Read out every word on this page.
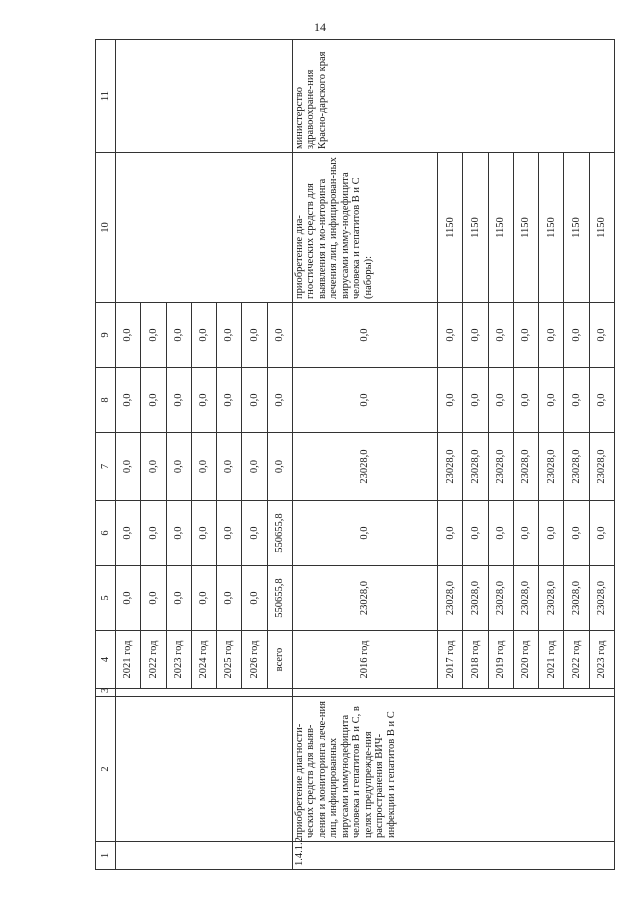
14
1	2	3	4	5	6	7	8	9	10	11
			2021 год	0,0	0,0	0,0	0,0	0,0		
			2022 год	0,0	0,0	0,0	0,0	0,0		
			2023 год	0,0	0,0	0,0	0,0	0,0		
			2024 год	0,0	0,0	0,0	0,0	0,0		
			2025 год	0,0	0,0	0,0	0,0	0,0		
			2026 год	0,0	0,0	0,0	0,0	0,0		
			всего	550655,8	550655,8	0,0	0,0	0,0		
1.4.1.2	приобретение диагности-ческих средств для выяв-ления и мониторинга лече-ния лиц, инфицированных вирусами иммунодефицита человека и гепатитов В и С, в целях предупрежде-ния распространения ВИЧ-инфекции и гепатитов В и С		2016 год	23028,0	0,0	23028,0	0,0	0,0	приобретение диа-гностических средств для выявления и мо-ниторинга лечения лиц, инфицирован-ных вирусами имму-нодефицита человека и гепатитов В и С (наборы):	министерство здравоохране-ния Красно-дарского края
			2017 год	23028,0	0,0	23028,0	0,0	0,0	1150	
			2018 год	23028,0	0,0	23028,0	0,0	0,0	1150	
			2019 год	23028,0	0,0	23028,0	0,0	0,0	1150	
			2020 год	23028,0	0,0	23028,0	0,0	0,0	1150	
			2021 год	23028,0	0,0	23028,0	0,0	0,0	1150	
			2022 год	23028,0	0,0	23028,0	0,0	0,0	1150	
			2023 год	23028,0	0,0	23028,0	0,0	0,0	1150	
